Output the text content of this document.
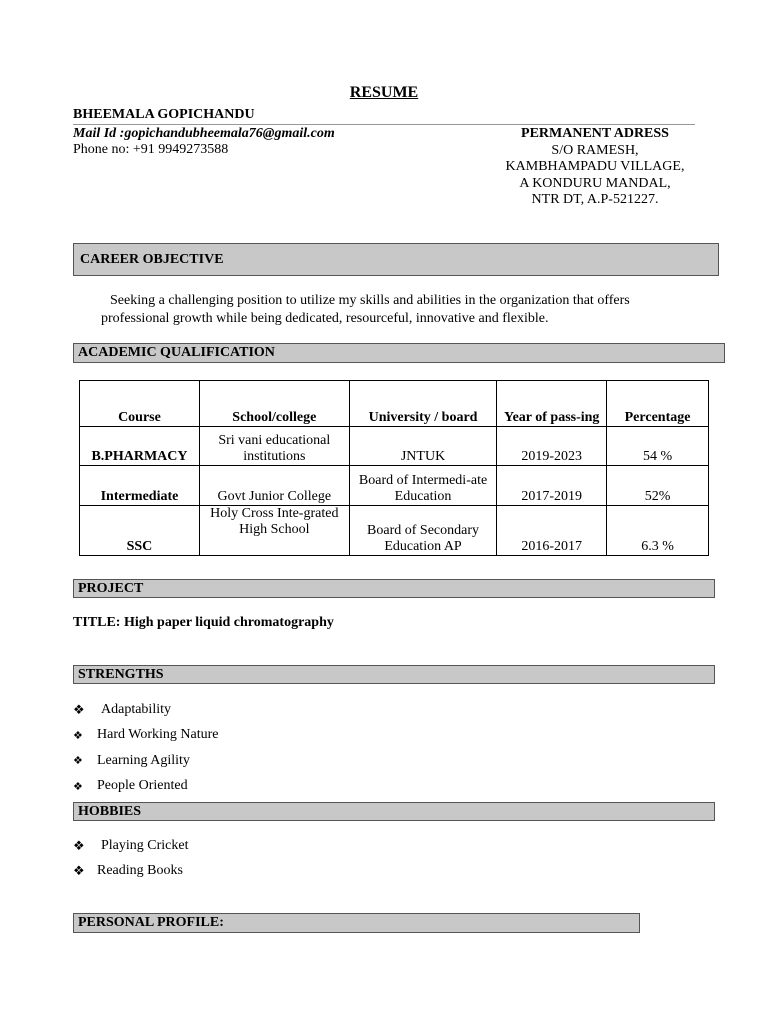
RESUME
BHEEMALA GOPICHANDU
Mail Id :gopichandubheemala76@gmail.com
Phone no: +91 9949273588
PERMANENT ADRESS
S/O RAMESH,
KAMBHAMPADU VILLAGE,
A KONDURU MANDAL,
NTR DT, A.P-521227.
CAREER OBJECTIVE
Seeking a challenging position to utilize my skills and abilities in the organization that offers professional growth while being dedicated, resourceful, innovative and flexible.
ACADEMIC QUALIFICATION
Course	School/college	University / board	Year of pass-ing	Percentage
B.PHARMACY	Sri vani educational institutions	JNTUK	2019-2023	54 %
Intermediate	Govt Junior College	Board of Intermedi-ate Education	2017-2019	52%
SSC	Holy Cross Inte-grated High School	Board of Secondary Education AP	2016-2017	6.3 %
PROJECT
TITLE: High paper liquid chromatography
STRENGTHS
❖	Adaptability
❖	Hard Working Nature
❖	Learning Agility
❖	People Oriented
HOBBIES
❖	Playing Cricket
❖ Reading Books
PERSONAL PROFILE:
